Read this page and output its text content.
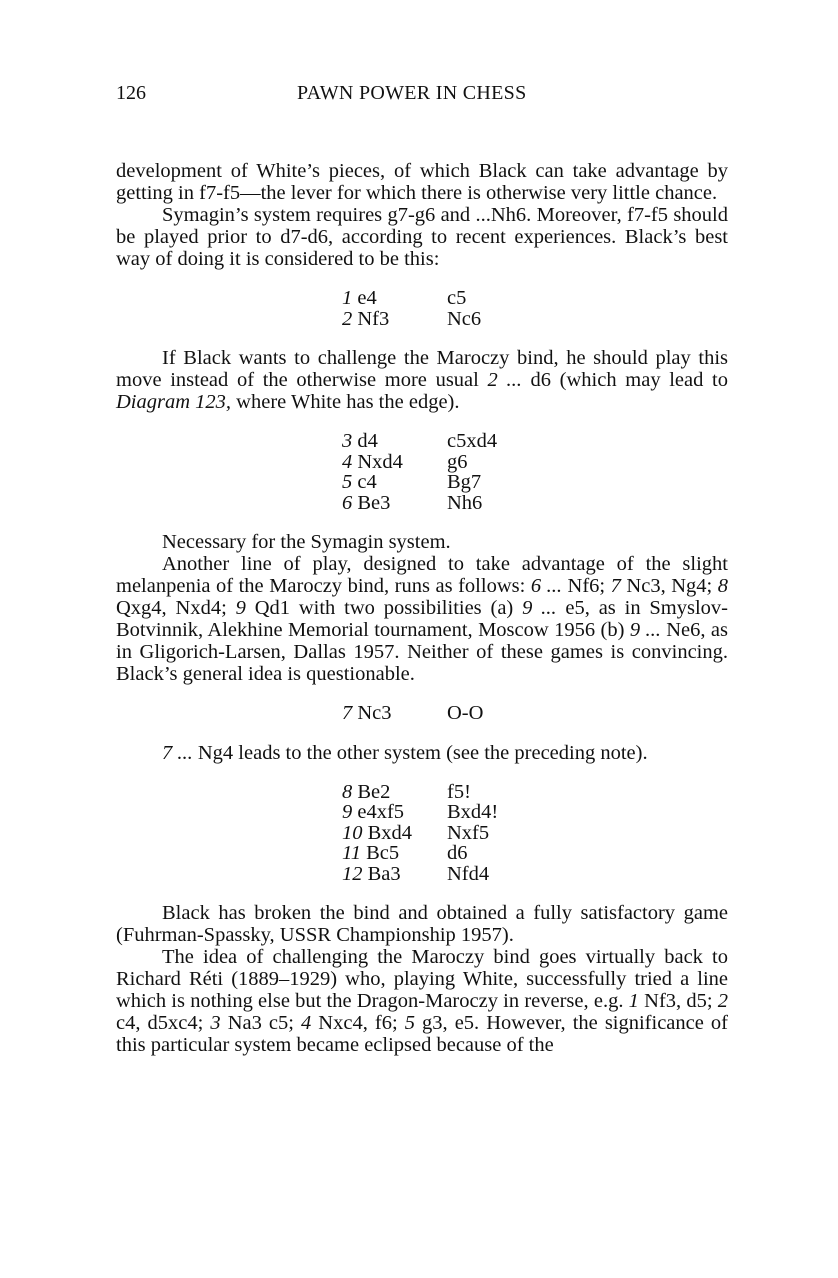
126	PAWN POWER IN CHESS

development of White’s pieces, of which Black can take advantage by getting in f7-f5—the lever for which there is otherwise very little chance.

Symagin’s system requires g7-g6 and ...Nh6. Moreover, f7-f5 should be played prior to d7-d6, according to recent experiences. Black’s best way of doing it is considered to be this:

1 e4	c5
2 Nf3	Nc6

If Black wants to challenge the Maroczy bind, he should play this move instead of the otherwise more usual 2 ... d6 (which may lead to Diagram 123, where White has the edge).

3 d4	c5xd4
4 Nxd4	g6
5 c4	Bg7
6 Be3	Nh6

Necessary for the Symagin system.

Another line of play, designed to take advantage of the slight melanpenia of the Maroczy bind, runs as follows: 6 ... Nf6; 7 Nc3, Ng4; 8 Qxg4, Nxd4; 9 Qd1 with two possibilities (a) 9 ... e5, as in Smyslov-Botvinnik, Alekhine Memorial tournament, Moscow 1956 (b) 9 ... Ne6, as in Gligorich-Larsen, Dallas 1957. Neither of these games is convincing. Black’s general idea is questionable.

7 Nc3	O-O

7 ... Ng4 leads to the other system (see the preceding note).

8 Be2	f5!
9 e4xf5	Bxd4!
10 Bxd4	Nxf5
11 Bc5	d6
12 Ba3	Nfd4

Black has broken the bind and obtained a fully satisfactory game (Fuhrman-Spassky, USSR Championship 1957).

The idea of challenging the Maroczy bind goes virtually back to Richard Réti (1889–1929) who, playing White, successfully tried a line which is nothing else but the Dragon-Maroczy in reverse, e.g. 1 Nf3, d5; 2 c4, d5xc4; 3 Na3 c5; 4 Nxc4, f6; 5 g3, e5. However, the significance of this particular system became eclipsed because of the
